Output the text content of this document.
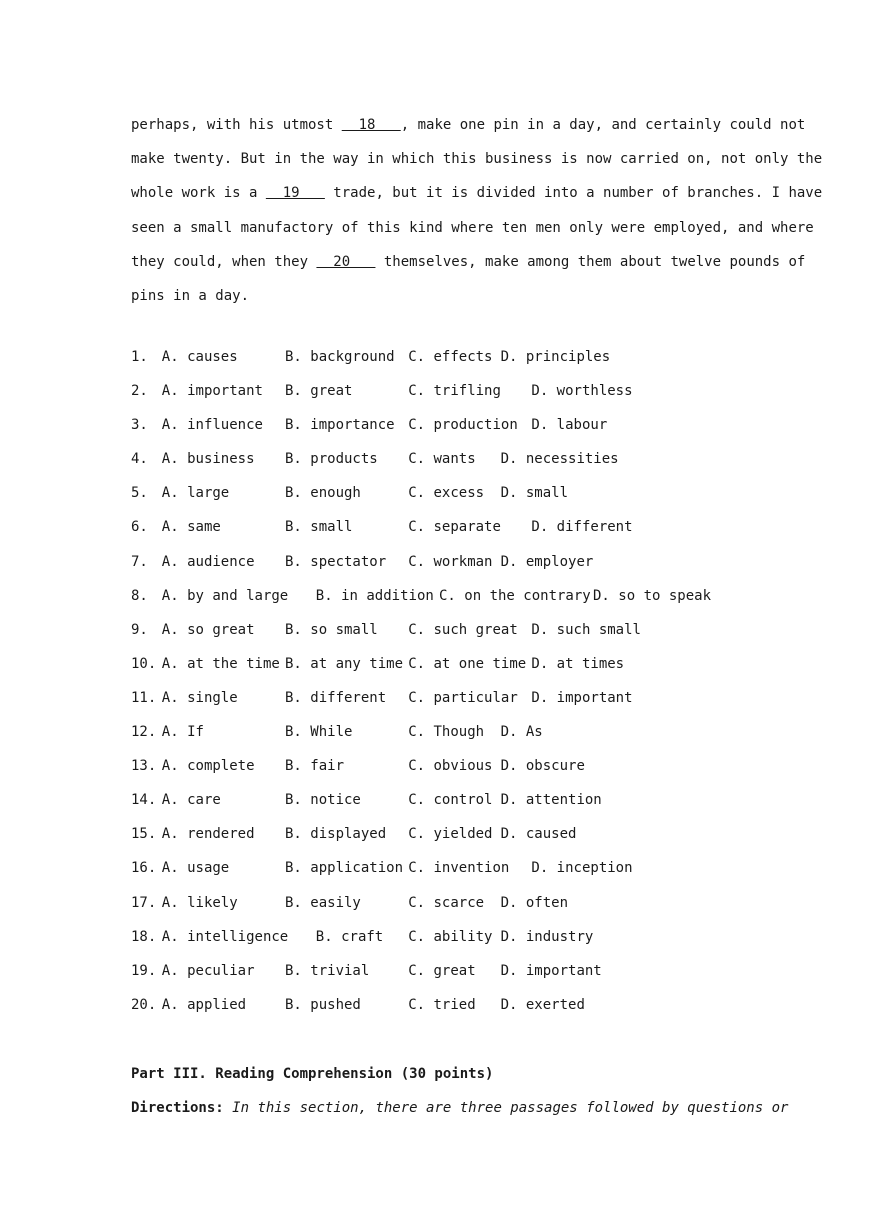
perhaps, with his utmost   18   , make one pin in a day, and certainly could not
make twenty. But in the way in which this business is now carried on, not only the
whole work is a   19    trade, but it is divided into a number of branches. I have
seen a small manufactory of this kind where ten men only were employed, and where
they could, when they   20    themselves, make among them about twelve pounds of
pins in a day.
1. A. causes	B. background C. effects D. principles
2. A. important B. great	C. trifling D. worthless
3. A. influence B. importance C. production D. labour
4. A. business B. products C. wants D. necessities
5. A. large	B. enough	C. excess D. small
6. A. same	B. small	C. separate D. different
7. A. audience B. spectator C. workman D. employer
8. A. by and large B. in addition C. on the contrary D. so to speak
9. A. so great B. so small C. such great D. such small
10. A. at the time B. at any time C. at one time D. at times
11. A. single	B. different C. particular D. important
12. A. If	B. While	C. Though D. As
13. A. complete B. fair	C. obvious D. obscure
14. A. care	B. notice	C. control D. attention
15. A. rendered B. displayed C. yielded D. caused
16. A. usage	B. application C. invention D. inception
17. A. likely	B. easily	C. scarce D. often
18. A. intelligence B. craft C. ability D. industry
19. A. peculiar B. trivial	C. great D. important
20. A. applied	B. pushed	C. tried D. exerted
Part III. Reading Comprehension (30 points)
Directions: In this section, there are three passages followed by questions or
